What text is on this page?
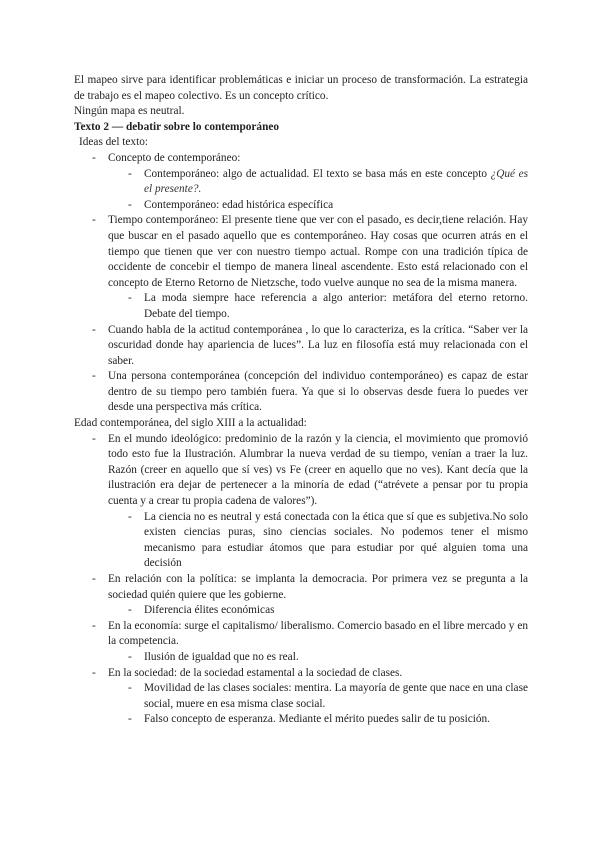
El mapeo sirve para identificar problemáticas e iniciar un proceso de transformación. La estrategia de trabajo es el mapeo colectivo. Es un concepto crítico.

Ningún mapa es neutral.

Texto 2 — debatir sobre lo contemporáneo

Ideas del texto:

- Concepto de contemporáneo:
- Contemporáneo: algo de actualidad. El texto se basa más en este concepto ¿Qué es el presente?.
- Contemporáneo: edad histórica específica
- Tiempo contemporáneo: El presente tiene que ver con el pasado, es decir,tiene relación. Hay que buscar en el pasado aquello que es contemporáneo. Hay cosas que ocurren atrás en el tiempo que tienen que ver con nuestro tiempo actual. Rompe con una tradición típica de occidente de concebir el tiempo de manera lineal ascendente. Esto está relacionado con el concepto de Eterno Retorno de Nietzsche, todo vuelve aunque no sea de la misma manera.
- La moda siempre hace referencia a algo anterior: metáfora del eterno retorno. Debate del tiempo.
- Cuando habla de la actitud contemporánea , lo que lo caracteriza, es la crítica. “Saber ver la oscuridad donde hay apariencia de luces”. La luz en filosofía está muy relacionada con el saber.
- Una persona contemporánea (concepción del individuo contemporáneo) es capaz de estar dentro de su tiempo pero también fuera. Ya que si lo observas desde fuera lo puedes ver desde una perspectiva más crítica.

Edad contemporánea, del siglo XIII a la actualidad:

- En el mundo ideológico: predominio de la razón y la ciencia, el movimiento que promovió todo esto fue la Ilustración. Alumbrar la nueva verdad de su tiempo, venían a traer la luz. Razón (creer en aquello que sí ves) vs Fe (creer en aquello que no ves). Kant decía que la ilustración era dejar de pertenecer a la minoría de edad (“atrévete a pensar por tu propia cuenta y a crear tu propia cadena de valores”).
- La ciencia no es neutral y está conectada con la ética que sí que es subjetiva.No solo existen ciencias puras, sino ciencias sociales. No podemos tener el mismo mecanismo para estudiar átomos que para estudiar por qué alguien toma una decisión
- En relación con la política: se implanta la democracia. Por primera vez se pregunta a la sociedad quién quiere que les gobierne.
- Diferencia élites económicas
- En la economía: surge el capitalismo/ liberalismo. Comercio basado en el libre mercado y en la competencia.
- Ilusión de igualdad que no es real.
- En la sociedad: de la sociedad estamental a la sociedad de clases.
- Movilidad de las clases sociales: mentira. La mayoría de gente que nace en una clase social, muere en esa misma clase social.
- Falso concepto de esperanza. Mediante el mérito puedes salir de tu posición.
